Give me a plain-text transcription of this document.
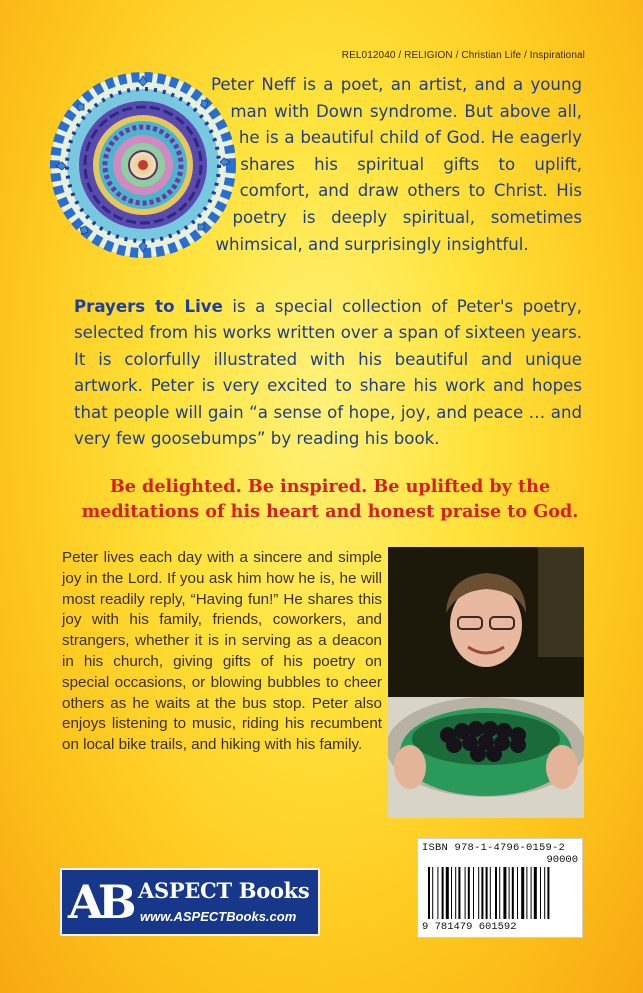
REL012040 / RELIGION / Christian Life / Inspirational

Peter Neff is a poet, an artist, and a young man with Down syndrome. But above all, he is a beautiful child of God. He eagerly shares his spiritual gifts to uplift, comfort, and draw others to Christ. His poetry is deeply spiritual, sometimes whimsical, and surprisingly insightful.

Prayers to Live is a special collection of Peter's poetry, selected from his works written over a span of sixteen years. It is colorfully illustrated with his beautiful and unique artwork. Peter is very excited to share his work and hopes that people will gain “a sense of hope, joy, and peace … and very few goosebumps” by reading his book.

Be delighted. Be inspired. Be uplifted by the meditations of his heart and honest praise to God.

Peter lives each day with a sincere and simple joy in the Lord. If you ask him how he is, he will most readily reply, “Having fun!” He shares this joy with his family, friends, coworkers, and strangers, whether it is in serving as a deacon in his church, giving gifts of his poetry on special occasions, or blowing bubbles to cheer others as he waits at the bus stop. Peter also enjoys listening to music, riding his recumbent on local bike trails, and hiking with his family.

AB ASPECT Books
www.ASPECTBooks.com
ISBN 978-1-4796-0159-2
90000
9 781479 601592
